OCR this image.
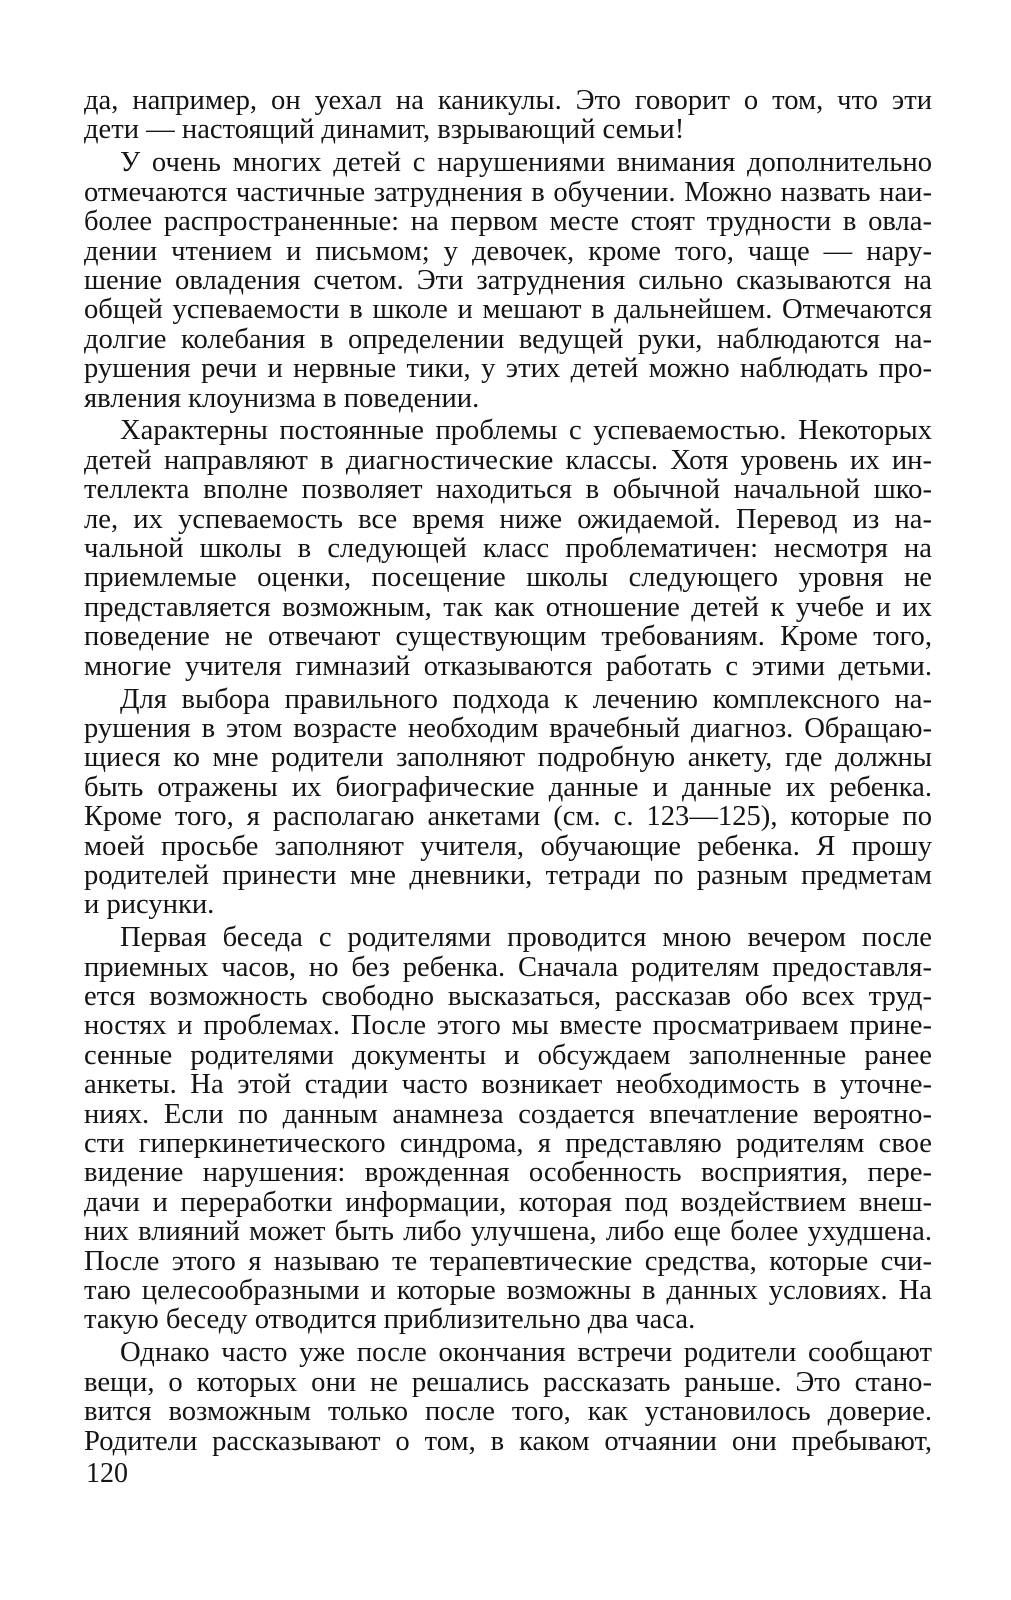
да, например, он уехал на каникулы. Это говорит о том, что эти
дети — настоящий динамит, взрывающий семьи!
У очень многих детей с нарушениями внимания дополнительно
отмечаются частичные затруднения в обучении. Можно назвать наи-
более распространенные: на первом месте стоят трудности в овла-
дении чтением и письмом; у девочек, кроме того, чаще — нару-
шение овладения счетом. Эти затруднения сильно сказываются на
общей успеваемости в школе и мешают в дальнейшем. Отмечаются
долгие колебания в определении ведущей руки, наблюдаются на-
рушения речи и нервные тики, у этих детей можно наблюдать про-
явления клоунизма в поведении.
Характерны постоянные проблемы с успеваемостью. Некоторых
детей направляют в диагностические классы. Хотя уровень их ин-
теллекта вполне позволяет находиться в обычной начальной шко-
ле, их успеваемость все время ниже ожидаемой. Перевод из на-
чальной школы в следующей класс проблематичен: несмотря на
приемлемые оценки, посещение школы следующего уровня не
представляется возможным, так как отношение детей к учебе и их
поведение не отвечают существующим требованиям. Кроме того,
многие учителя гимназий отказываются работать с этими детьми.
Для выбора правильного подхода к лечению комплексного на-
рушения в этом возрасте необходим врачебный диагноз. Обращаю-
щиеся ко мне родители заполняют подробную анкету, где должны
быть отражены их биографические данные и данные их ребенка.
Кроме того, я располагаю анкетами (см. с. 123—125), которые по
моей просьбе заполняют учителя, обучающие ребенка. Я прошу
родителей принести мне дневники, тетради по разным предметам
и рисунки.
Первая беседа с родителями проводится мною вечером после
приемных часов, но без ребенка. Сначала родителям предоставля-
ется возможность свободно высказаться, рассказав обо всех труд-
ностях и проблемах. После этого мы вместе просматриваем прине-
сенные родителями документы и обсуждаем заполненные ранее
анкеты. На этой стадии часто возникает необходимость в уточне-
ниях. Если по данным анамнеза создается впечатление вероятно-
сти гиперкинетического синдрома, я представляю родителям свое
видение нарушения: врожденная особенность восприятия, пере-
дачи и переработки информации, которая под воздействием внеш-
них влияний может быть либо улучшена, либо еще более ухудшена.
После этого я называю те терапевтические средства, которые счи-
таю целесообразными и которые возможны в данных условиях. На
такую беседу отводится приблизительно два часа.
Однако часто уже после окончания встречи родители сообщают
вещи, о которых они не решались рассказать раньше. Это стано-
вится возможным только после того, как установилось доверие.
Родители рассказывают о том, в каком отчаянии они пребывают,
120
